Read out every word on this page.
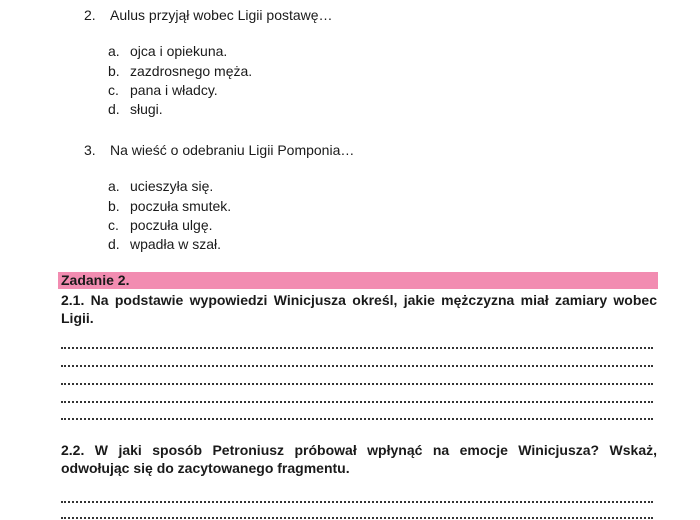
2. Aulus przyjął wobec Ligii postawę…
a. ojca i opiekuna.
b. zazdrosnego męża.
c. pana i władcy.
d. sługi.
3. Na wieść o odebraniu Ligii Pomponia…
a. ucieszyła się.
b. poczuła smutek.
c. poczuła ulgę.
d. wpadła w szał.
Zadanie 2.
2.1. Na podstawie wypowiedzi Winicjusza określ, jakie mężczyzna miał zamiary wobec Ligii.
2.2. W jaki sposób Petroniusz próbował wpłynąć na emocje Winicjusza? Wskaż, odwołując się do zacytowanego fragmentu.
